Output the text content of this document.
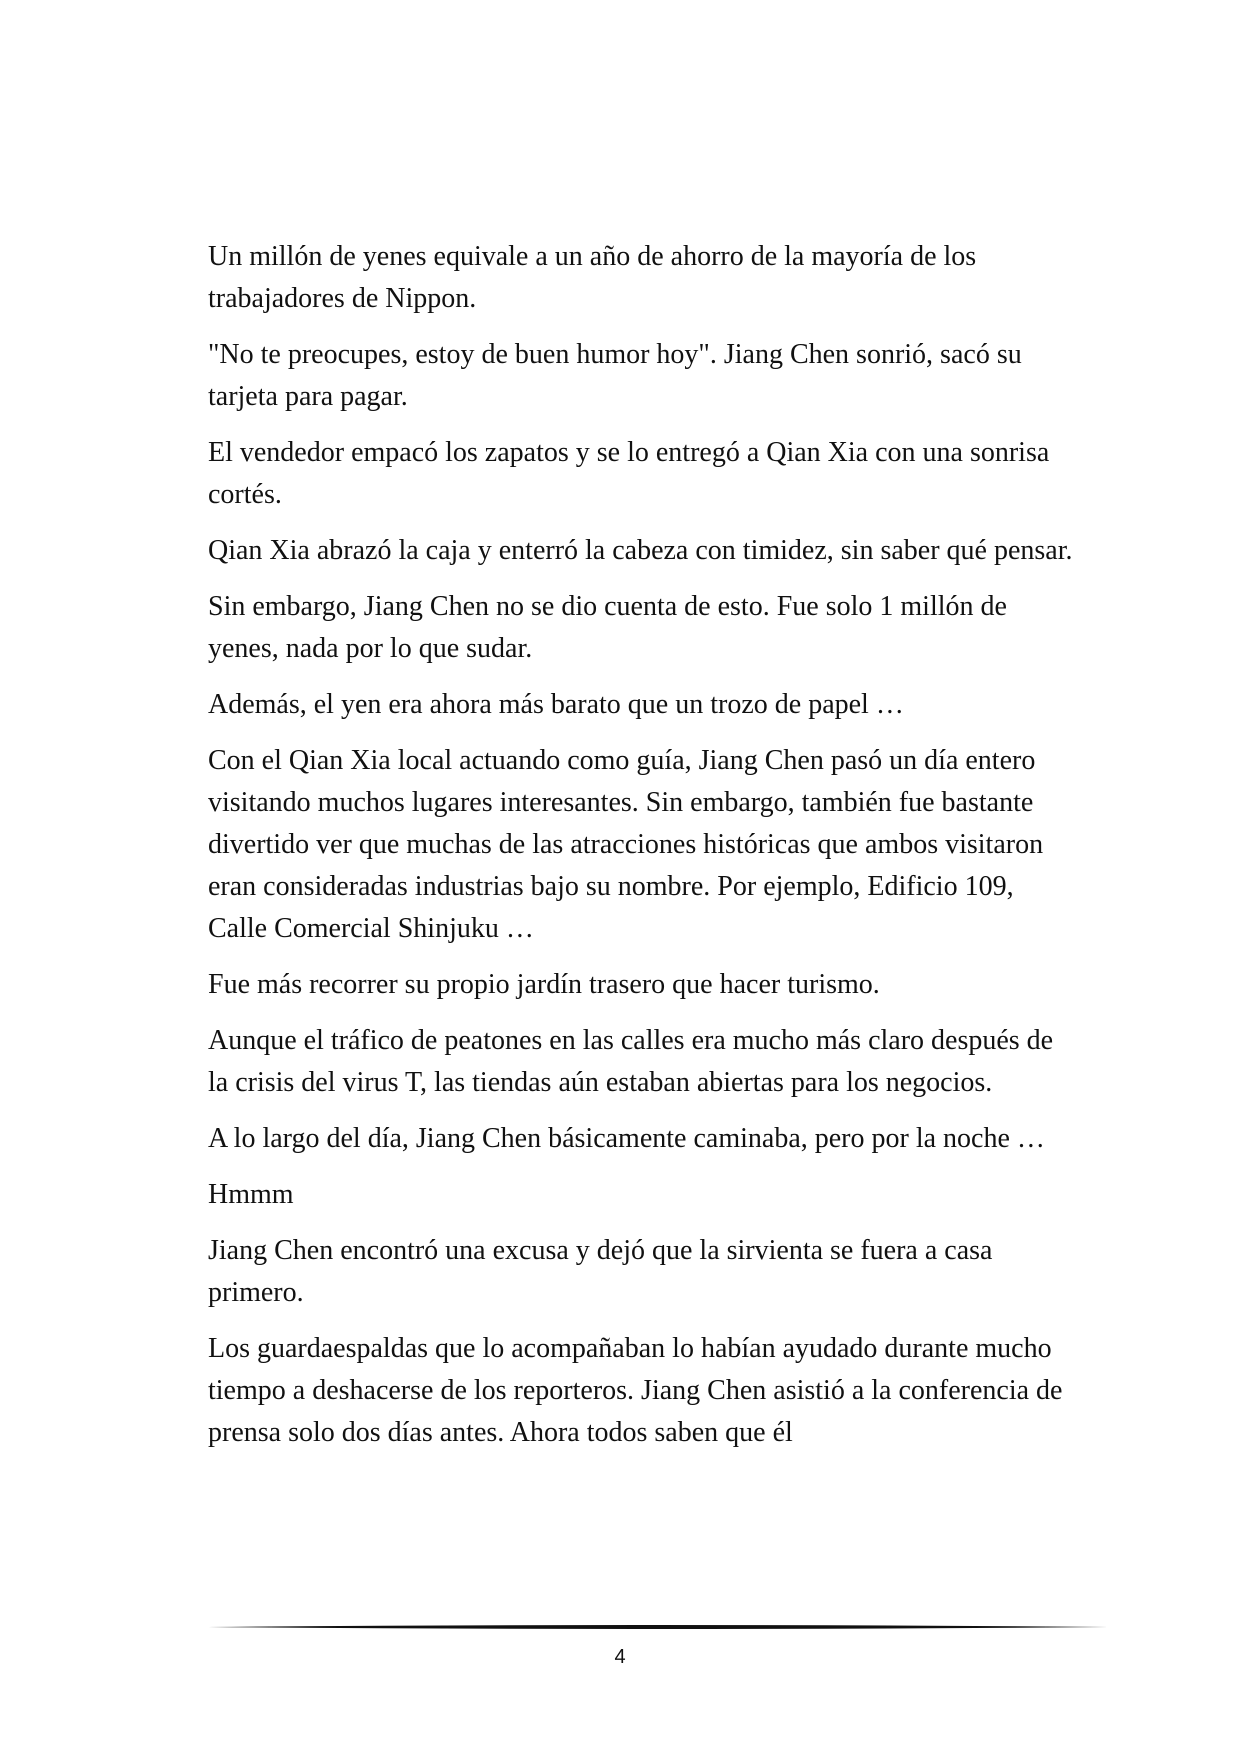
Un millón de yenes equivale a un año de ahorro de la mayoría de los trabajadores de Nippon.

"No te preocupes, estoy de buen humor hoy". Jiang Chen sonrió, sacó su tarjeta para pagar.

El vendedor empacó los zapatos y se lo entregó a Qian Xia con una sonrisa cortés.

Qian Xia abrazó la caja y enterró la cabeza con timidez, sin saber qué pensar.

Sin embargo, Jiang Chen no se dio cuenta de esto. Fue solo 1 millón de yenes, nada por lo que sudar.

Además, el yen era ahora más barato que un trozo de papel …

Con el Qian Xia local actuando como guía, Jiang Chen pasó un día entero visitando muchos lugares interesantes. Sin embargo, también fue bastante divertido ver que muchas de las atracciones históricas que ambos visitaron eran consideradas industrias bajo su nombre. Por ejemplo, Edificio 109, Calle Comercial Shinjuku …

Fue más recorrer su propio jardín trasero que hacer turismo.

Aunque el tráfico de peatones en las calles era mucho más claro después de la crisis del virus T, las tiendas aún estaban abiertas para los negocios.

A lo largo del día, Jiang Chen básicamente caminaba, pero por la noche …

Hmmm

Jiang Chen encontró una excusa y dejó que la sirvienta se fuera a casa primero.

Los guardaespaldas que lo acompañaban lo habían ayudado durante mucho tiempo a deshacerse de los reporteros. Jiang Chen asistió a la conferencia de prensa solo dos días antes. Ahora todos saben que él

4
